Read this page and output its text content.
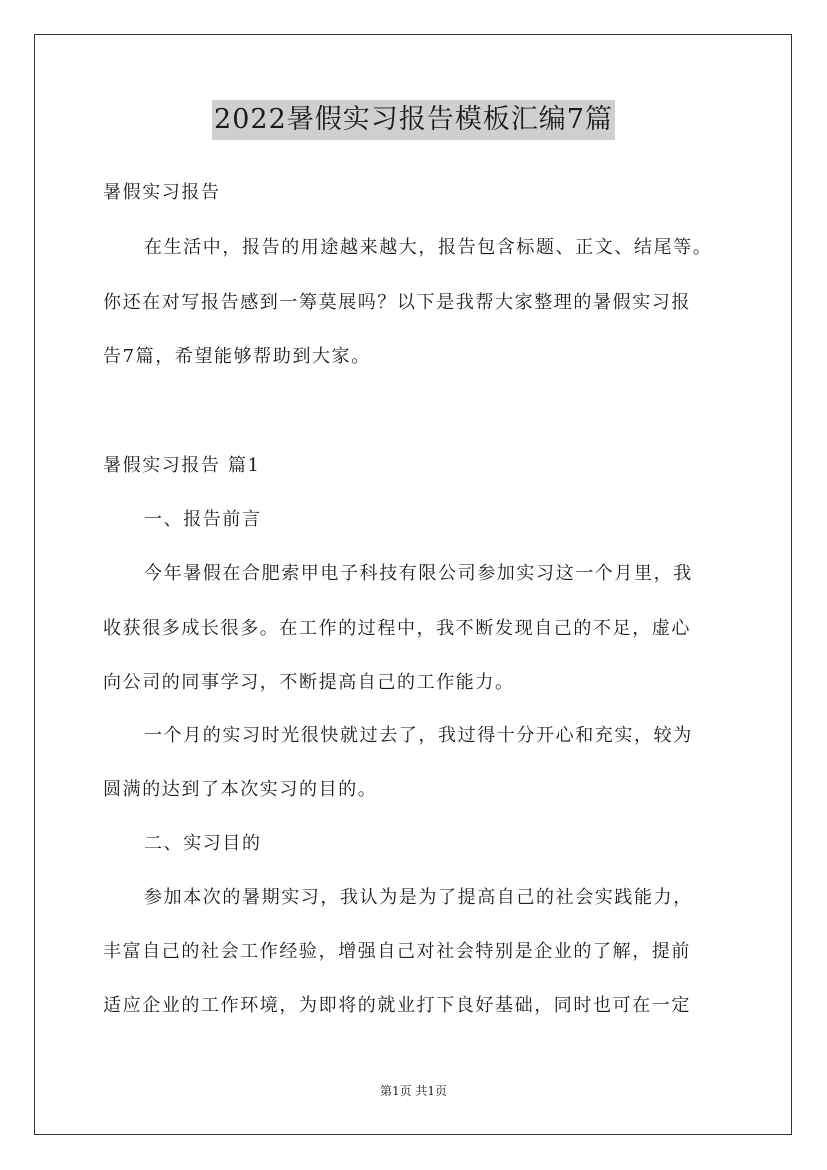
2022暑假实习报告模板汇编7篇
暑假实习报告
在生活中，报告的用途越来越大，报告包含标题、正文、结尾等。
你还在对写报告感到一筹莫展吗？以下是我帮大家整理的暑假实习报
告7篇，希望能够帮助到大家。
暑假实习报告 篇1
一、报告前言
今年暑假在合肥索甲电子科技有限公司参加实习这一个月里，我
收获很多成长很多。在工作的过程中，我不断发现自己的不足，虚心
向公司的同事学习，不断提高自己的工作能力。
一个月的实习时光很快就过去了，我过得十分开心和充实，较为
圆满的达到了本次实习的目的。
二、实习目的
参加本次的暑期实习，我认为是为了提高自己的社会实践能力，
丰富自己的社会工作经验，增强自己对社会特别是企业的了解，提前
适应企业的工作环境，为即将的就业打下良好基础，同时也可在一定
第1页 共1页
